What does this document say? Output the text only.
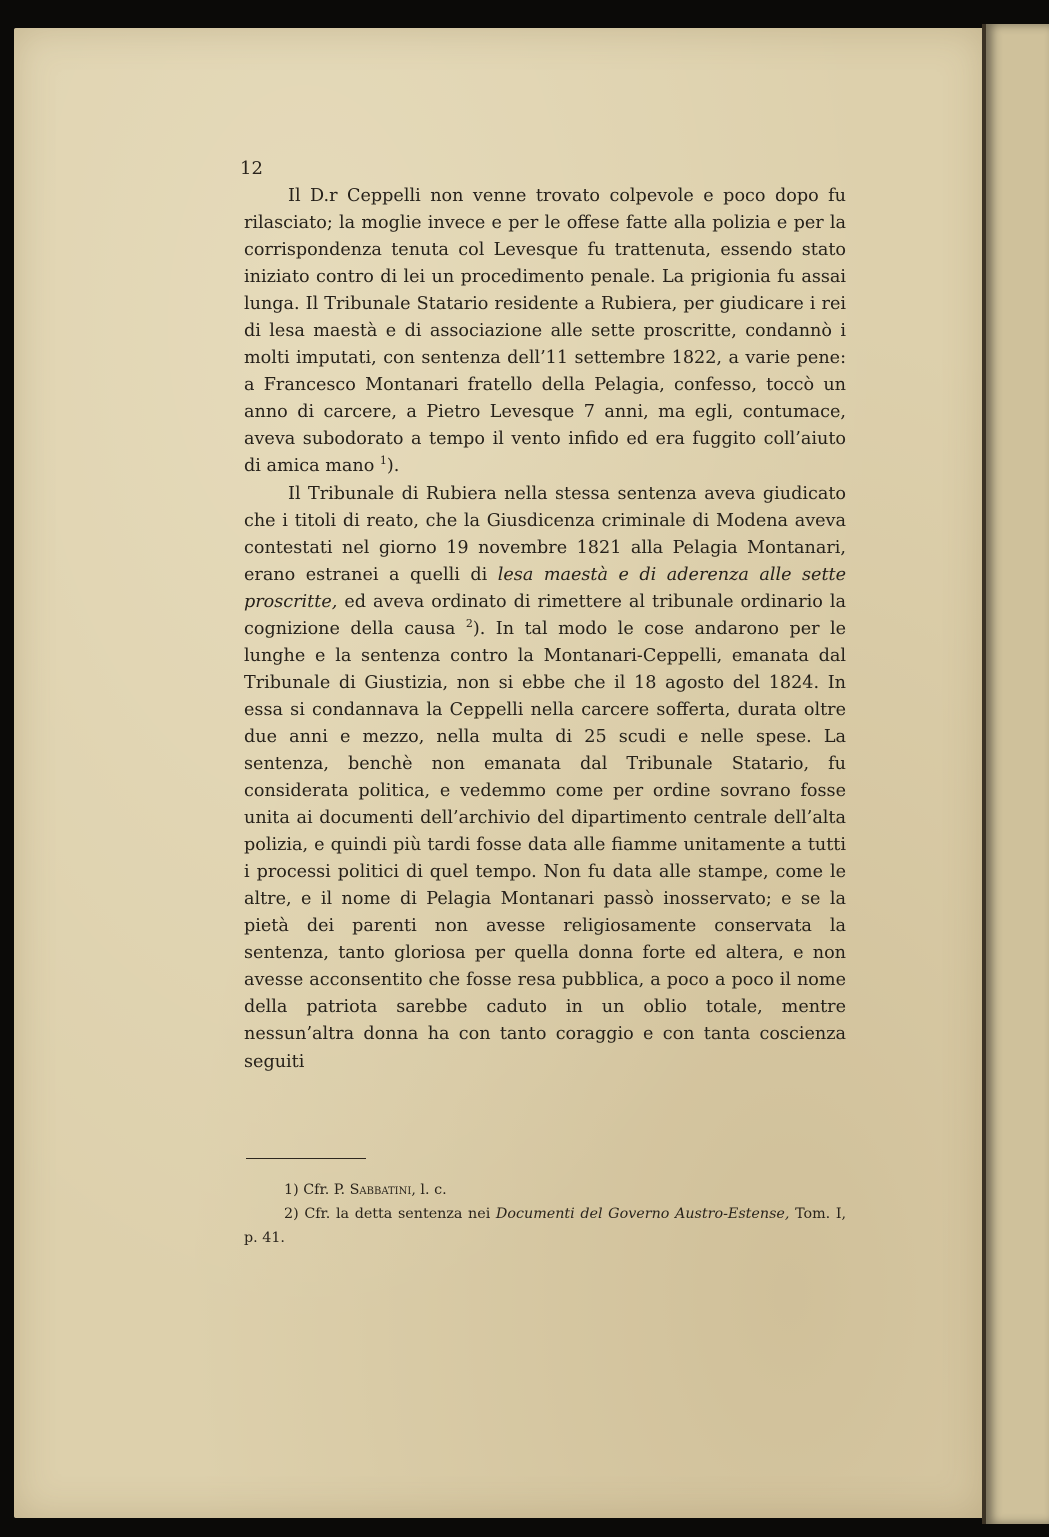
12

Il D.r Ceppelli non venne trovato colpevole e poco dopo fu rilasciato; la moglie invece e per le offese fatte alla polizia e per la corrispondenza tenuta col Levesque fu trattenuta, essendo stato iniziato contro di lei un procedimento penale. La prigionia fu assai lunga. Il Tribunale Statario residente a Rubiera, per giudicare i rei di lesa maestà e di associazione alle sette proscritte, condannò i molti imputati, con sentenza dell’11 settembre 1822, a varie pene: a Francesco Montanari fratello della Pelagia, confesso, toccò un anno di carcere, a Pietro Levesque 7 anni, ma egli, contumace, aveva subodorato a tempo il vento infido ed era fuggito coll’aiuto di amica mano $^1$).

Il Tribunale di Rubiera nella stessa sentenza aveva giudicato che i titoli di reato, che la Giusdicenza criminale di Modena aveva contestati nel giorno 19 novembre 1821 alla Pelagia Montanari, erano estranei a quelli di lesa maestà e di aderenza alle sette proscritte, ed aveva ordinato di rimettere al tribunale ordinario la cognizione della causa $^2$). In tal modo le cose andarono per le lunghe e la sentenza contro la Montanari-Ceppelli, emanata dal Tribunale di Giustizia, non si ebbe che il 18 agosto del 1824. In essa si condannava la Ceppelli nella carcere sofferta, durata oltre due anni e mezzo, nella multa di 25 scudi e nelle spese. La sentenza, benchè non emanata dal Tribunale Statario, fu considerata politica, e vedemmo come per ordine sovrano fosse unita ai documenti dell’archivio del dipartimento centrale dell’alta polizia, e quindi più tardi fosse data alle fiamme unitamente a tutti i processi politici di quel tempo. Non fu data alle stampe, come le altre, e il nome di Pelagia Montanari passò inosservato; e se la pietà dei parenti non avesse religiosamente conservata la sentenza, tanto gloriosa per quella donna forte ed altera, e non avesse acconsentito che fosse resa pubblica, a poco a poco il nome della patriota sarebbe caduto in un oblio totale, mentre nessun’altra donna ha con tanto coraggio e con tanta coscienza seguiti

1) Cfr. P. Sabbatini, l. c.

2) Cfr. la detta sentenza nei Documenti del Governo Austro-Estense, Tom. I, p. 41.
